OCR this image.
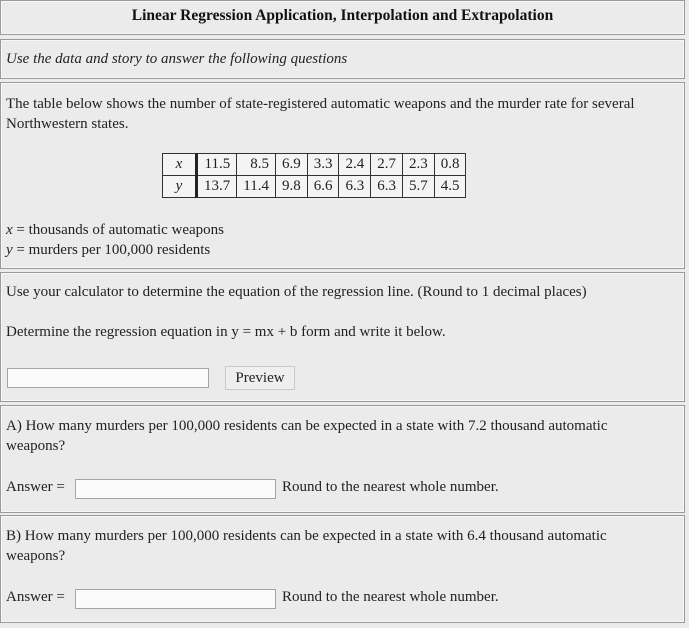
Linear Regression Application, Interpolation and Extrapolation

Use the data and story to answer the following questions

The table below shows the number of state-registered automatic weapons and the murder rate for several Northwestern states.
x = thousands of automatic weapons
y = murders per 100,000 residents
x	11.5	8.5	6.9	3.3	2.4	2.7	2.3	0.8
y	13.7	11.4	9.8	6.6	6.3	6.3	5.7	4.5
Use your calculator to determine the equation of the regression line. (Round to 1 decimal places)
Determine the regression equation in y = mx + b form and write it below.
Preview
A) How many murders per 100,000 residents can be expected in a state with 7.2 thousand automatic weapons?
Answer =	Round to the nearest whole number.
B) How many murders per 100,000 residents can be expected in a state with 6.4 thousand automatic weapons?
Answer =	Round to the nearest whole number.
